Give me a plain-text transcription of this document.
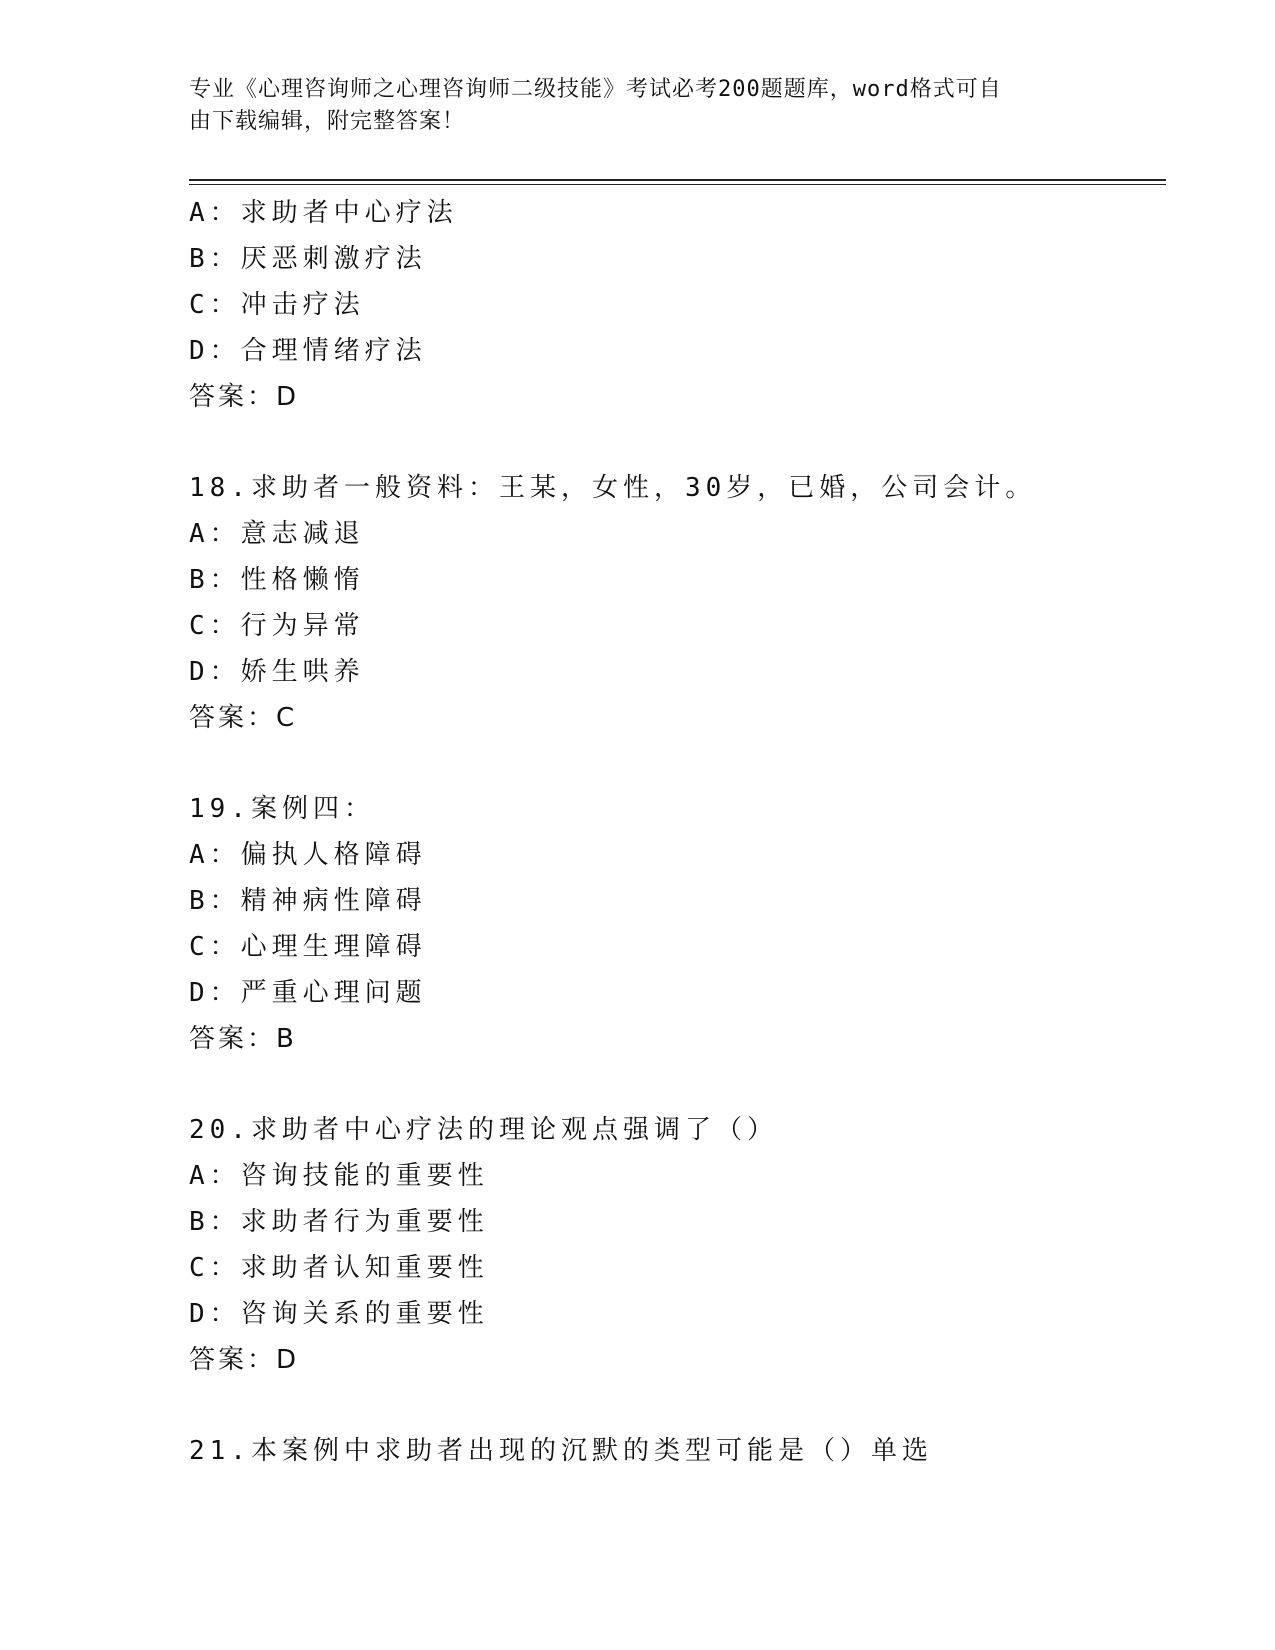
专业《心理咨询师之心理咨询师二级技能》考试必考200题题库，word格式可自
由下载编辑，附完整答案！
A：求助者中心疗法
B：厌恶刺激疗法
C：冲击疗法
D：合理情绪疗法
答案：D
18.求助者一般资料：王某，女性，30岁，已婚，公司会计。
A：意志减退
B：性格懒惰
C：行为异常
D：娇生哄养
答案：C
19.案例四：
A：偏执人格障碍
B：精神病性障碍
C：心理生理障碍
D：严重心理问题
答案：B
20.求助者中心疗法的理论观点强调了（）
A：咨询技能的重要性
B：求助者行为重要性
C：求助者认知重要性
D：咨询关系的重要性
答案：D
21.本案例中求助者出现的沉默的类型可能是（）单选
